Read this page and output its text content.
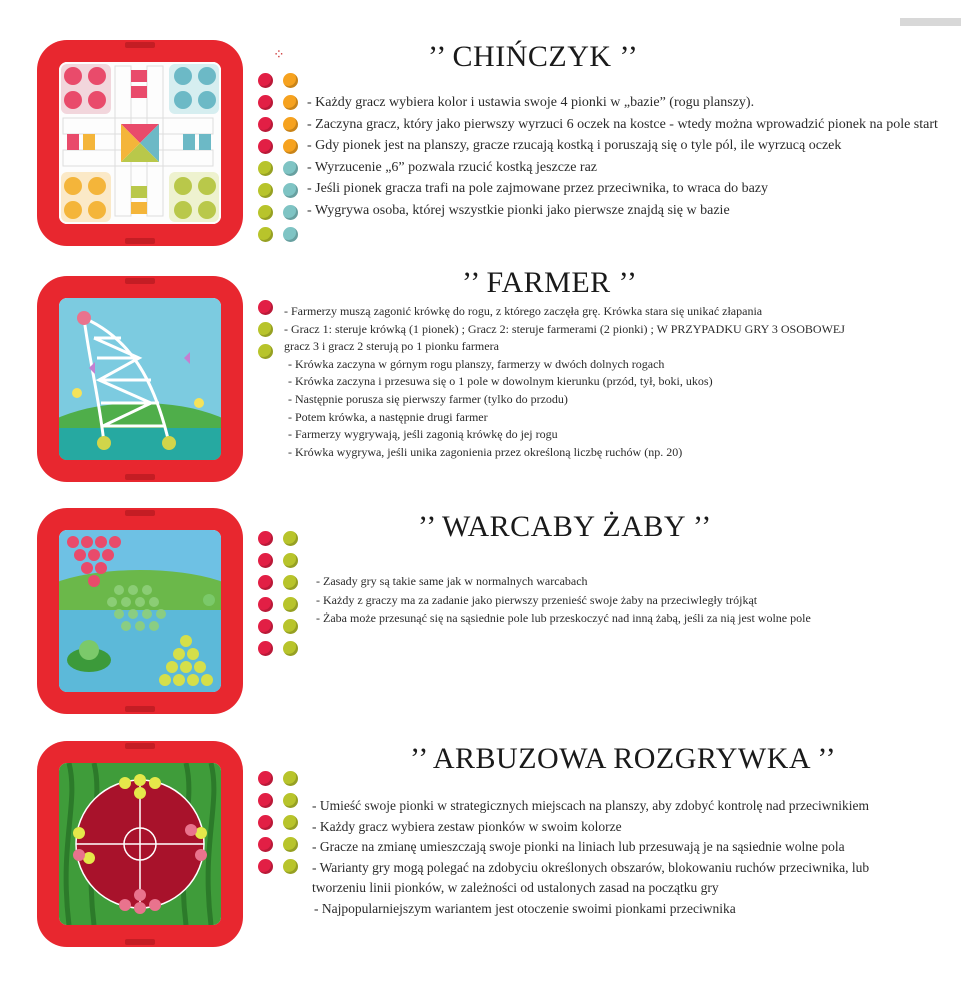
⁘	’’ CHIŃCZYK ’’
- Każdy gracz wybiera kolor i ustawia swoje 4 pionki w „bazie” (rogu planszy).
- Zaczyna gracz, który jako pierwszy wyrzuci 6 oczek na kostce - wtedy można wprowadzić pionek na pole start
- Gdy pionek jest na planszy, gracze rzucają kostką i poruszają się o tyle pól, ile wyrzucą oczek
- Wyrzucenie „6” pozwala rzucić kostką jeszcze raz
- Jeśli pionek gracza trafi na pole zajmowane przez przeciwnika, to wraca do bazy
- Wygrywa osoba, której wszystkie pionki jako pierwsze znajdą się w bazie
’’ FARMER ’’
- Farmerzy muszą zagonić krówkę do rogu, z którego zaczęła grę. Krówka stara się unikać złapania
- Gracz 1: steruje krówką (1 pionek) ; Gracz 2: steruje farmerami (2 pionki) ; W PRZYPADKU GRY 3 OSOBOWEJ
gracz 3 i gracz 2 sterują po 1 pionku farmera
- Krówka zaczyna w górnym rogu planszy, farmerzy w dwóch dolnych rogach
- Krówka zaczyna i przesuwa się o 1 pole w dowolnym kierunku (przód, tył, boki, ukos)
- Następnie porusza się pierwszy farmer (tylko do przodu)
- Potem krówka, a następnie drugi farmer
- Farmerzy wygrywają, jeśli zagonią krówkę do jej rogu
- Krówka wygrywa, jeśli unika zagonienia przez określoną liczbę ruchów (np. 20)
’’ WARCABY ŻABY ’’
- Zasady gry są takie same jak w normalnych warcabach
- Każdy z graczy ma za zadanie jako pierwszy przenieść swoje żaby na przeciwległy trójkąt
- Żaba może przesunąć się na sąsiednie pole lub przeskoczyć nad inną żabą, jeśli za nią jest wolne pole
’’ ARBUZOWA ROZGRYWKA ’’
- Umieść swoje pionki w strategicznych miejscach na planszy, aby zdobyć kontrolę nad przeciwnikiem
- Każdy gracz wybiera zestaw pionków w swoim kolorze
- Gracze na zmianę umieszczają swoje pionki na liniach lub przesuwają je na sąsiednie wolne pola
- Warianty gry mogą polegać na zdobyciu określonych obszarów, blokowaniu ruchów przeciwnika, lub
tworzeniu linii pionków, w zależności od ustalonych zasad na początku gry
- Najpopularniejszym wariantem jest otoczenie swoimi pionkami przeciwnika
